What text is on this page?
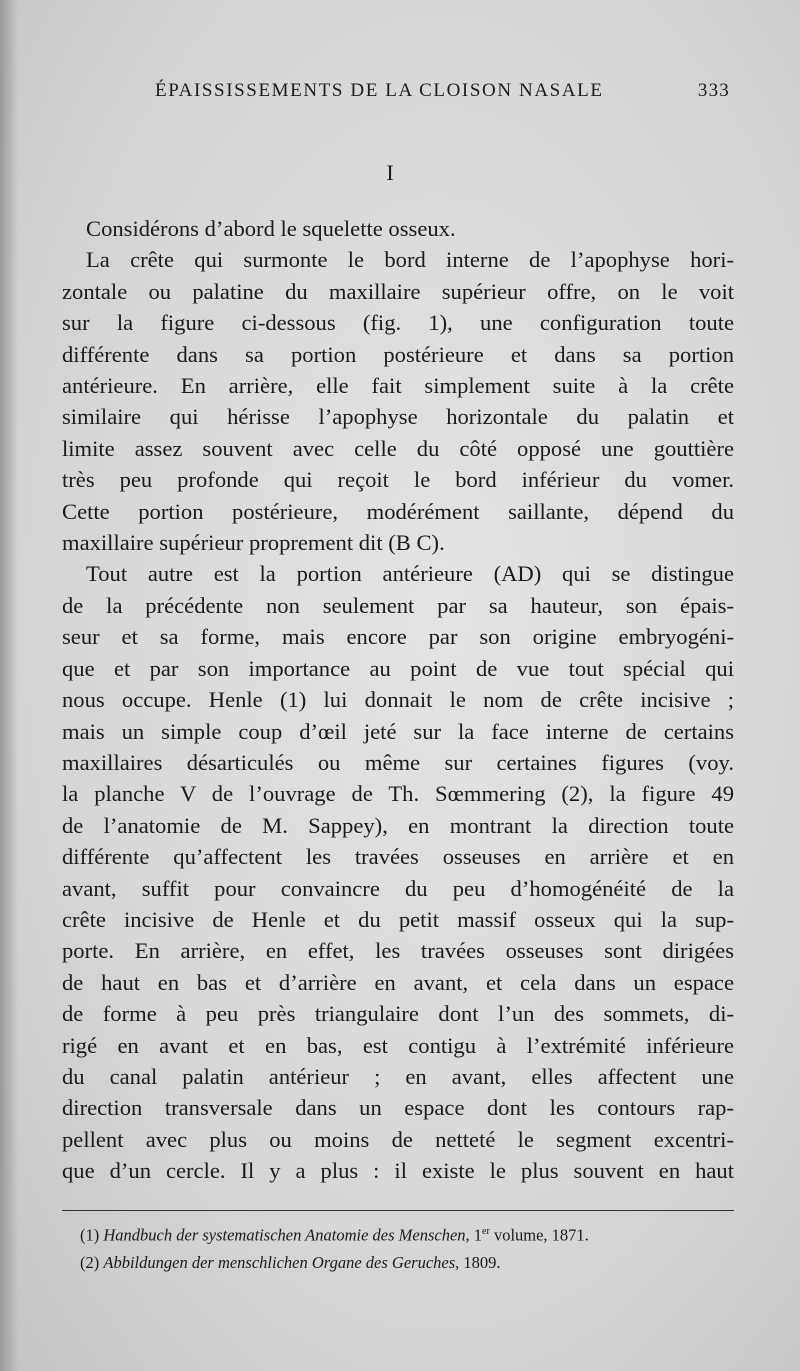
ÉPAISSISSEMENTS DE LA CLOISON NASALE	333
I
Considérons d’abord le squelette osseux.
La crête qui surmonte le bord interne de l’apophyse hori-
zontale ou palatine du maxillaire supérieur offre, on le voit
sur la figure ci-dessous (fig. 1), une configuration toute
différente dans sa portion postérieure et dans sa portion
antérieure. En arrière, elle fait simplement suite à la crête
similaire qui hérisse l’apophyse horizontale du palatin et
limite assez souvent avec celle du côté opposé une gouttière
très peu profonde qui reçoit le bord inférieur du vomer.
Cette portion postérieure, modérément saillante, dépend du
maxillaire supérieur proprement dit (B C).
Tout autre est la portion antérieure (AD) qui se distingue
de la précédente non seulement par sa hauteur, son épais-
seur et sa forme, mais encore par son origine embryogéni-
que et par son importance au point de vue tout spécial qui
nous occupe. Henle (1) lui donnait le nom de crête incisive ;
mais un simple coup d’œil jeté sur la face interne de certains
maxillaires désarticulés ou même sur certaines figures (voy.
la planche V de l’ouvrage de Th. Sœmmering (2), la figure 49
de l’anatomie de M. Sappey), en montrant la direction toute
différente qu’affectent les travées osseuses en arrière et en
avant, suffit pour convaincre du peu d’homogénéité de la
crête incisive de Henle et du petit massif osseux qui la sup-
porte. En arrière, en effet, les travées osseuses sont dirigées
de haut en bas et d’arrière en avant, et cela dans un espace
de forme à peu près triangulaire dont l’un des sommets, di-
rigé en avant et en bas, est contigu à l’extrémité inférieure
du canal palatin antérieur ; en avant, elles affectent une
direction transversale dans un espace dont les contours rap-
pellent avec plus ou moins de netteté le segment excentri-
que d’un cercle. Il y a plus : il existe le plus souvent en haut
(1) Handbuch der systematischen Anatomie des Menschen, 1er volume, 1871.
(2) Abbildungen der menschlichen Organe des Geruches, 1809.
